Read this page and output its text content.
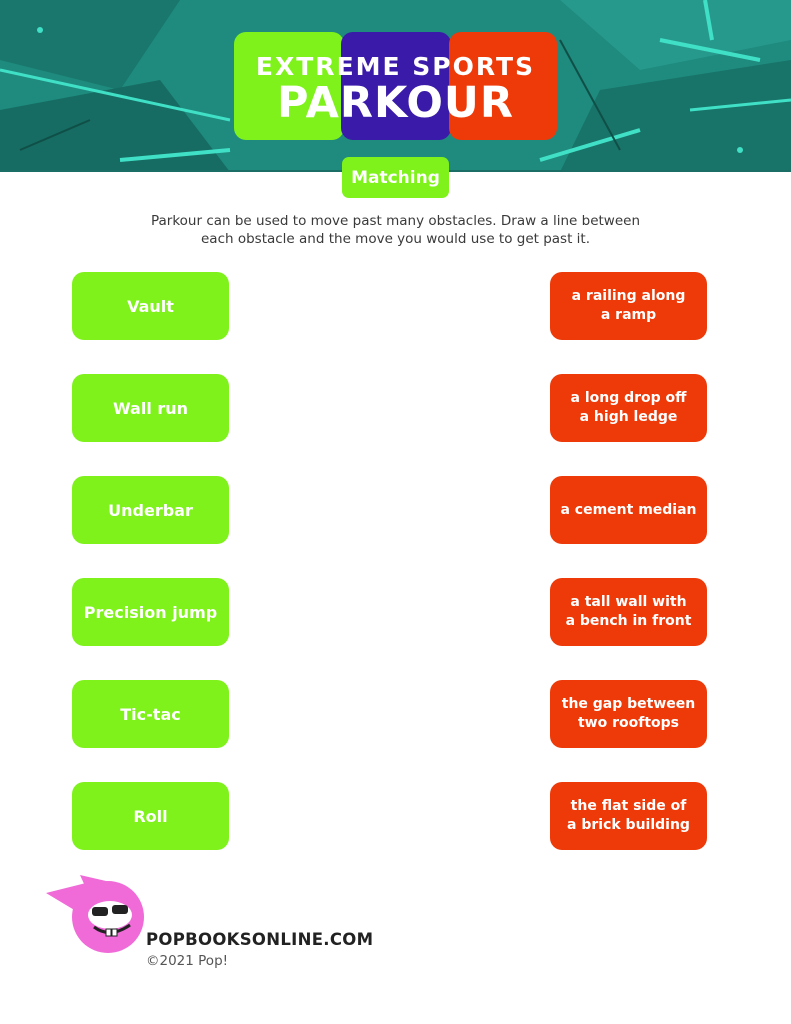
EXTREME SPORTS
PARKOUR
Matching
Parkour can be used to move past many obstacles. Draw a line between
each obstacle and the move you would use to get past it.
Vault
Wall run
Underbar
Precision jump
Tic-tac
Roll
a railing along
a ramp
a long drop off
a high ledge
a cement median
a tall wall with
a bench in front
the gap between
two rooftops
the flat side of
a brick building
POPBOOKSONLINE.COM
©2021 Pop!
